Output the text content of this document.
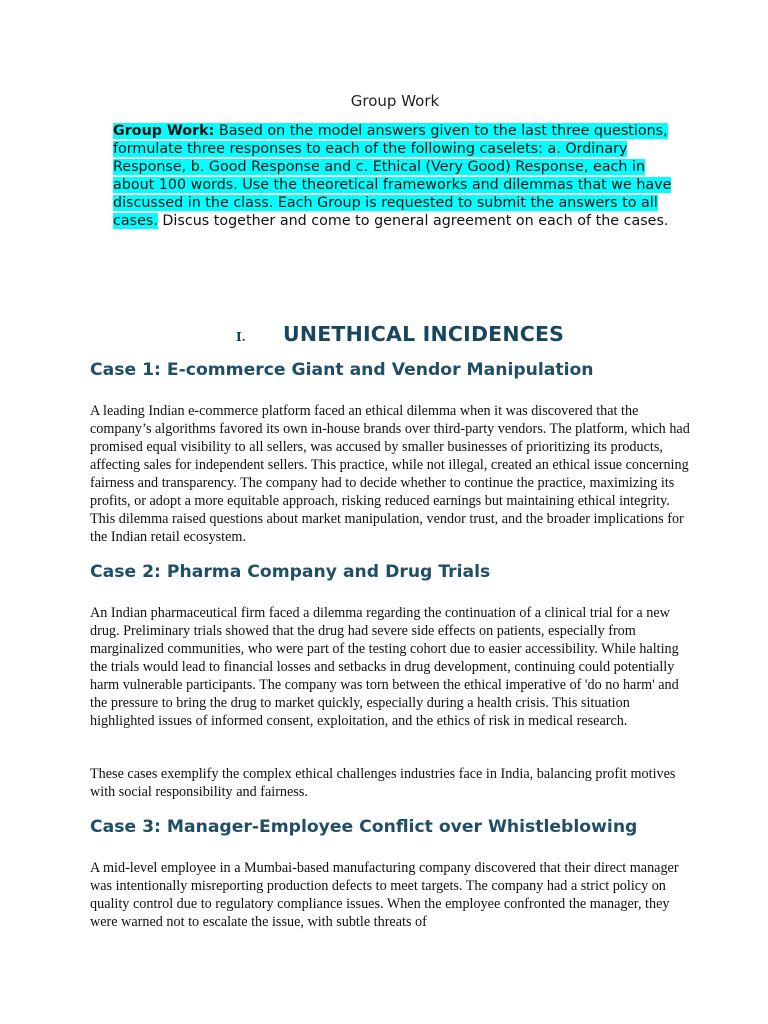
Group Work
Group Work: Based on the model answers given to the last three questions, formulate three responses to each of the following caselets: a. Ordinary Response, b. Good Response and c. Ethical (Very Good) Response, each in about 100 words. Use the theoretical frameworks and dilemmas that we have discussed in the class. Each Group is requested to submit the answers to all cases. Discus together and come to general agreement on each of the cases.
I.	UNETHICAL INCIDENCES
Case 1: E-commerce Giant and Vendor Manipulation
A leading Indian e-commerce platform faced an ethical dilemma when it was discovered that the company’s algorithms favored its own in-house brands over third-party vendors. The platform, which had promised equal visibility to all sellers, was accused by smaller businesses of prioritizing its products, affecting sales for independent sellers. This practice, while not illegal, created an ethical issue concerning fairness and transparency. The company had to decide whether to continue the practice, maximizing its profits, or adopt a more equitable approach, risking reduced earnings but maintaining ethical integrity. This dilemma raised questions about market manipulation, vendor trust, and the broader implications for the Indian retail ecosystem.
Case 2: Pharma Company and Drug Trials
An Indian pharmaceutical firm faced a dilemma regarding the continuation of a clinical trial for a new drug. Preliminary trials showed that the drug had severe side effects on patients, especially from marginalized communities, who were part of the testing cohort due to easier accessibility. While halting the trials would lead to financial losses and setbacks in drug development, continuing could potentially harm vulnerable participants. The company was torn between the ethical imperative of 'do no harm' and the pressure to bring the drug to market quickly, especially during a health crisis. This situation highlighted issues of informed consent, exploitation, and the ethics of risk in medical research.
These cases exemplify the complex ethical challenges industries face in India, balancing profit motives with social responsibility and fairness.
Case 3: Manager-Employee Conflict over Whistleblowing
A mid-level employee in a Mumbai-based manufacturing company discovered that their direct manager was intentionally misreporting production defects to meet targets. The company had a strict policy on quality control due to regulatory compliance issues. When the employee confronted the manager, they were warned not to escalate the issue, with subtle threats of
